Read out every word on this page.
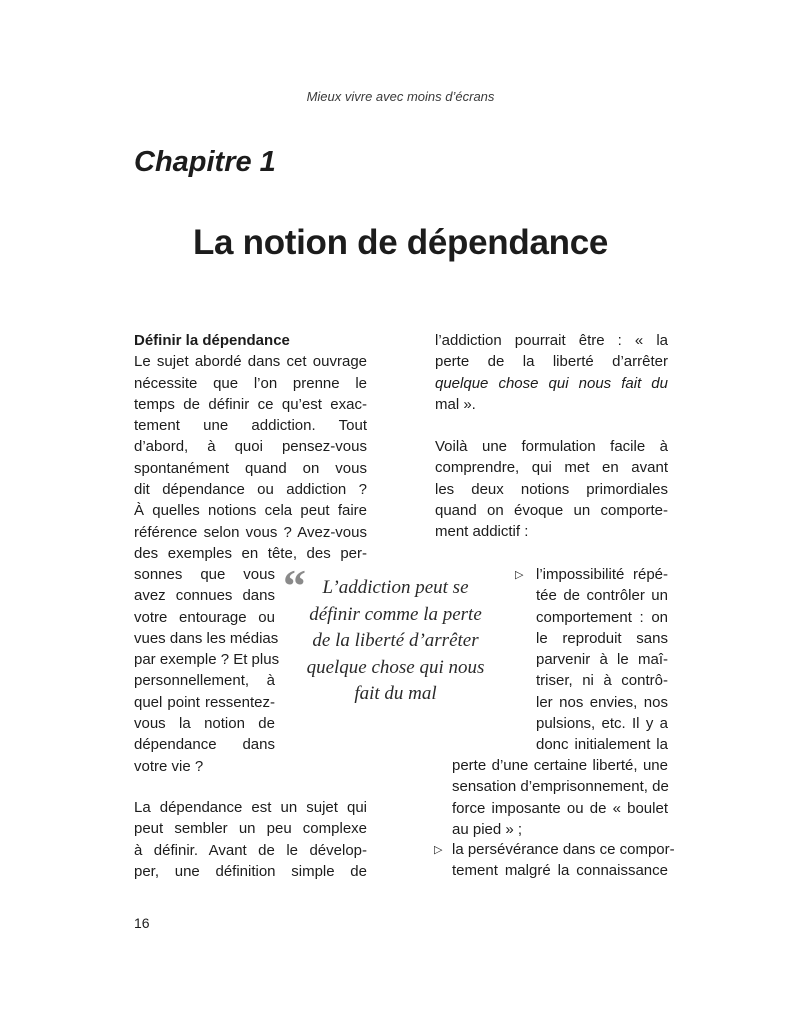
Mieux vivre avec moins d’écrans
Chapitre 1
La notion de dépendance
Définir la dépendance
Le sujet abordé dans cet ouvrage
nécessite que l’on prenne le
temps de définir ce qu’est exac-
tement une addiction. Tout
d’abord, à quoi pensez-vous
spontanément quand on vous
dit dépendance ou addiction ?
À quelles notions cela peut faire
référence selon vous ? Avez-vous
des exemples en tête, des per-
sonnes que vous
avez connues dans
votre entourage ou
vues dans les médias
par exemple ? Et plus
personnellement, à
quel point ressentez-
vous la notion de
dépendance dans
votre vie ?
La dépendance est un sujet qui
peut sembler un peu complexe
à définir. Avant de le dévelop-
per, une définition simple de
l’addiction pourrait être : « la
perte de la liberté d’arrêter
quelque chose qui nous fait du
mal ».
Voilà une formulation facile à
comprendre, qui met en avant
les deux notions primordiales
quand on évoque un comporte-
ment addictif :
“ L’addiction peut se
définir comme la perte
de la liberté d’arrêter
quelque chose qui nous
fait du mal
▷ l’impossibilité répé-
tée de contrôler un
comportement : on
le reproduit sans
parvenir à le maî-
triser, ni à contrô-
ler nos envies, nos
pulsions, etc. Il y a
donc initialement la
perte d’une certaine liberté, une
sensation d’emprisonnement, de
force imposante ou de « boulet
au pied » ;
▷ la persévérance dans ce compor-
tement malgré la connaissance
16
